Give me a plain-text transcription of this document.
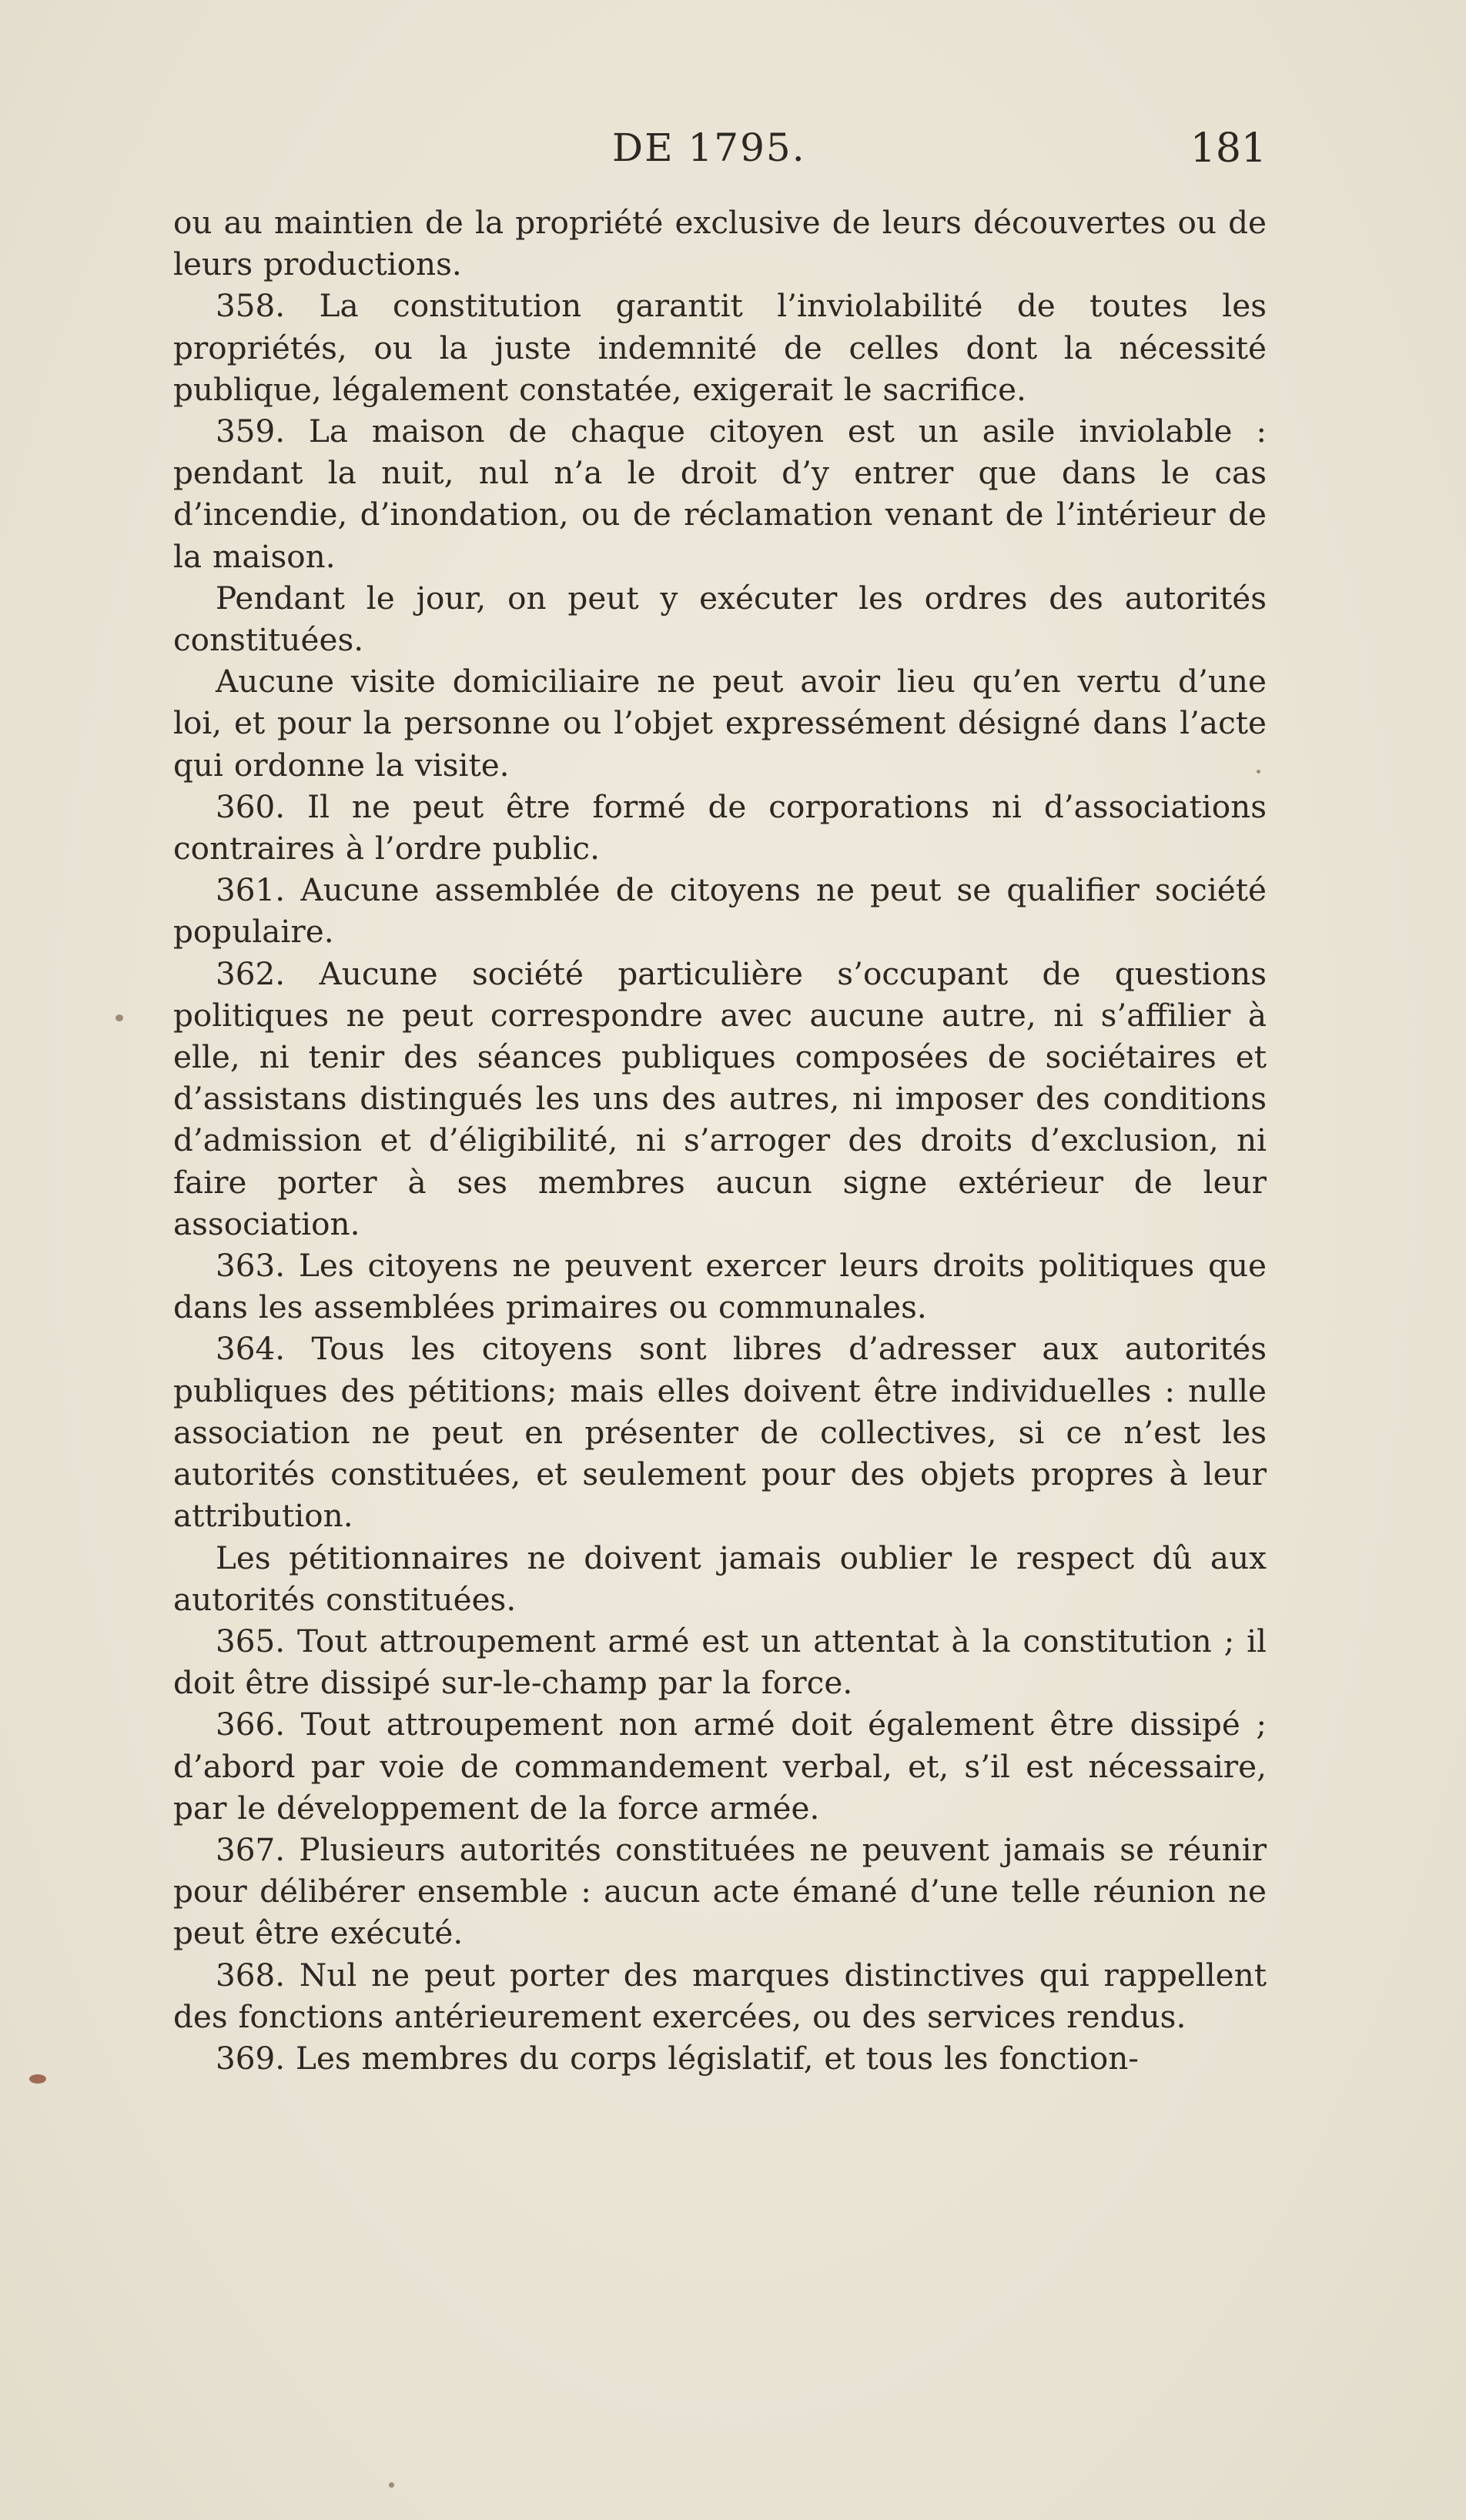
DE 1795.	181

ou au maintien de la propriété exclusive de leurs découvertes ou de leurs productions.

358. La constitution garantit l’inviolabilité de toutes les propriétés, ou la juste indemnité de celles dont la nécessité publique, légalement constatée, exigerait le sacrifice.

359. La maison de chaque citoyen est un asile inviolable : pendant la nuit, nul n’a le droit d’y entrer que dans le cas d’incendie, d’inondation, ou de réclamation venant de l’intérieur de la maison.

Pendant le jour, on peut y exécuter les ordres des autorités constituées.

Aucune visite domiciliaire ne peut avoir lieu qu’en vertu d’une loi, et pour la personne ou l’objet expressément désigné dans l’acte qui ordonne la visite.

360. Il ne peut être formé de corporations ni d’associations contraires à l’ordre public.

361. Aucune assemblée de citoyens ne peut se qualifier société populaire.

362. Aucune société particulière s’occupant de questions politiques ne peut correspondre avec aucune autre, ni s’affilier à elle, ni tenir des séances publiques composées de sociétaires et d’assistans distingués les uns des autres, ni imposer des conditions d’admission et d’éligibilité, ni s’arroger des droits d’exclusion, ni faire porter à ses membres aucun signe extérieur de leur association.

363. Les citoyens ne peuvent exercer leurs droits politiques que dans les assemblées primaires ou communales.

364. Tous les citoyens sont libres d’adresser aux autorités publiques des pétitions; mais elles doivent être individuelles : nulle association ne peut en présenter de collectives, si ce n’est les autorités constituées, et seulement pour des objets propres à leur attribution.

Les pétitionnaires ne doivent jamais oublier le respect dû aux autorités constituées.

365. Tout attroupement armé est un attentat à la constitution ; il doit être dissipé sur-le-champ par la force.

366. Tout attroupement non armé doit également être dissipé ; d’abord par voie de commandement verbal, et, s’il est nécessaire, par le développement de la force armée.

367. Plusieurs autorités constituées ne peuvent jamais se réunir pour délibérer ensemble : aucun acte émané d’une telle réunion ne peut être exécuté.

368. Nul ne peut porter des marques distinctives qui rappellent des fonctions antérieurement exercées, ou des services rendus.

369. Les membres du corps législatif, et tous les fonction-
